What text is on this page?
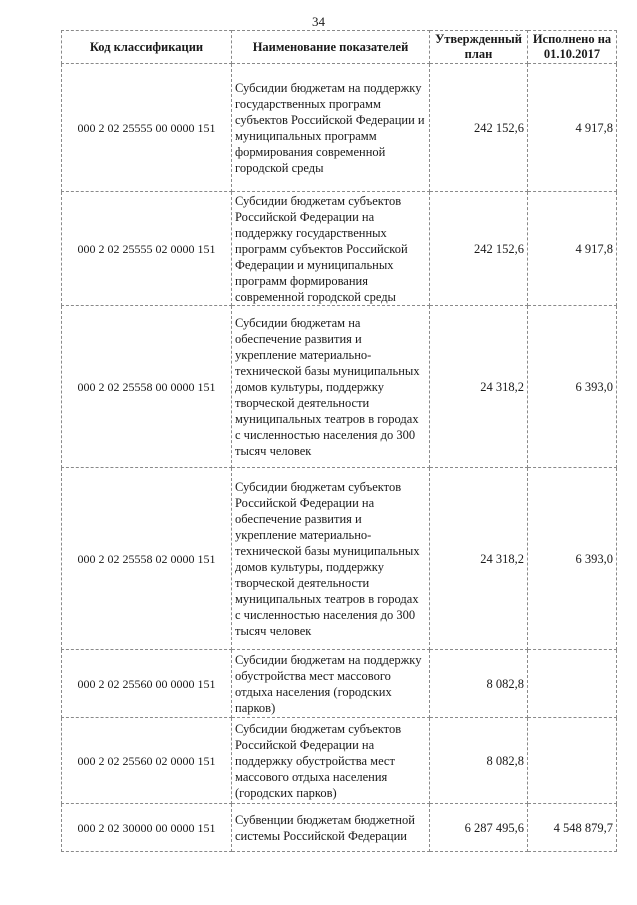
34
Код классификации	Наименование показателей	Утвержденный план	Исполнено на 01.10.2017
000 2 02 25555 00 0000 151	Субсидии бюджетам на поддержку государственных программ субъектов Российской Федерации и муниципальных программ формирования современной городской среды	242 152,6	4 917,8
000 2 02 25555 02 0000 151	Субсидии бюджетам субъектов Российской Федерации на поддержку государственных программ субъектов Российской Федерации и муниципальных программ формирования современной городской среды	242 152,6	4 917,8
000 2 02 25558 00 0000 151	Субсидии бюджетам на обеспечение развития и укрепление материально-технической базы муниципальных домов культуры, поддержку творческой деятельности муниципальных театров в городах с численностью населения до 300 тысяч человек	24 318,2	6 393,0
000 2 02 25558 02 0000 151	Субсидии бюджетам субъектов Российской Федерации на обеспечение развития и укрепление материально-технической базы муниципальных домов культуры, поддержку творческой деятельности муниципальных театров в городах с численностью населения до 300 тысяч человек	24 318,2	6 393,0
000 2 02 25560 00 0000 151	Субсидии бюджетам на поддержку обустройства мест массового отдыха населения (городских парков)	8 082,8	
000 2 02 25560 02 0000 151	Субсидии бюджетам субъектов Российской Федерации на поддержку обустройства мест массового отдыха населения (городских парков)	8 082,8	
000 2 02 30000 00 0000 151	Субвенции бюджетам бюджетной системы Российской Федерации	6 287 495,6	4 548 879,7
